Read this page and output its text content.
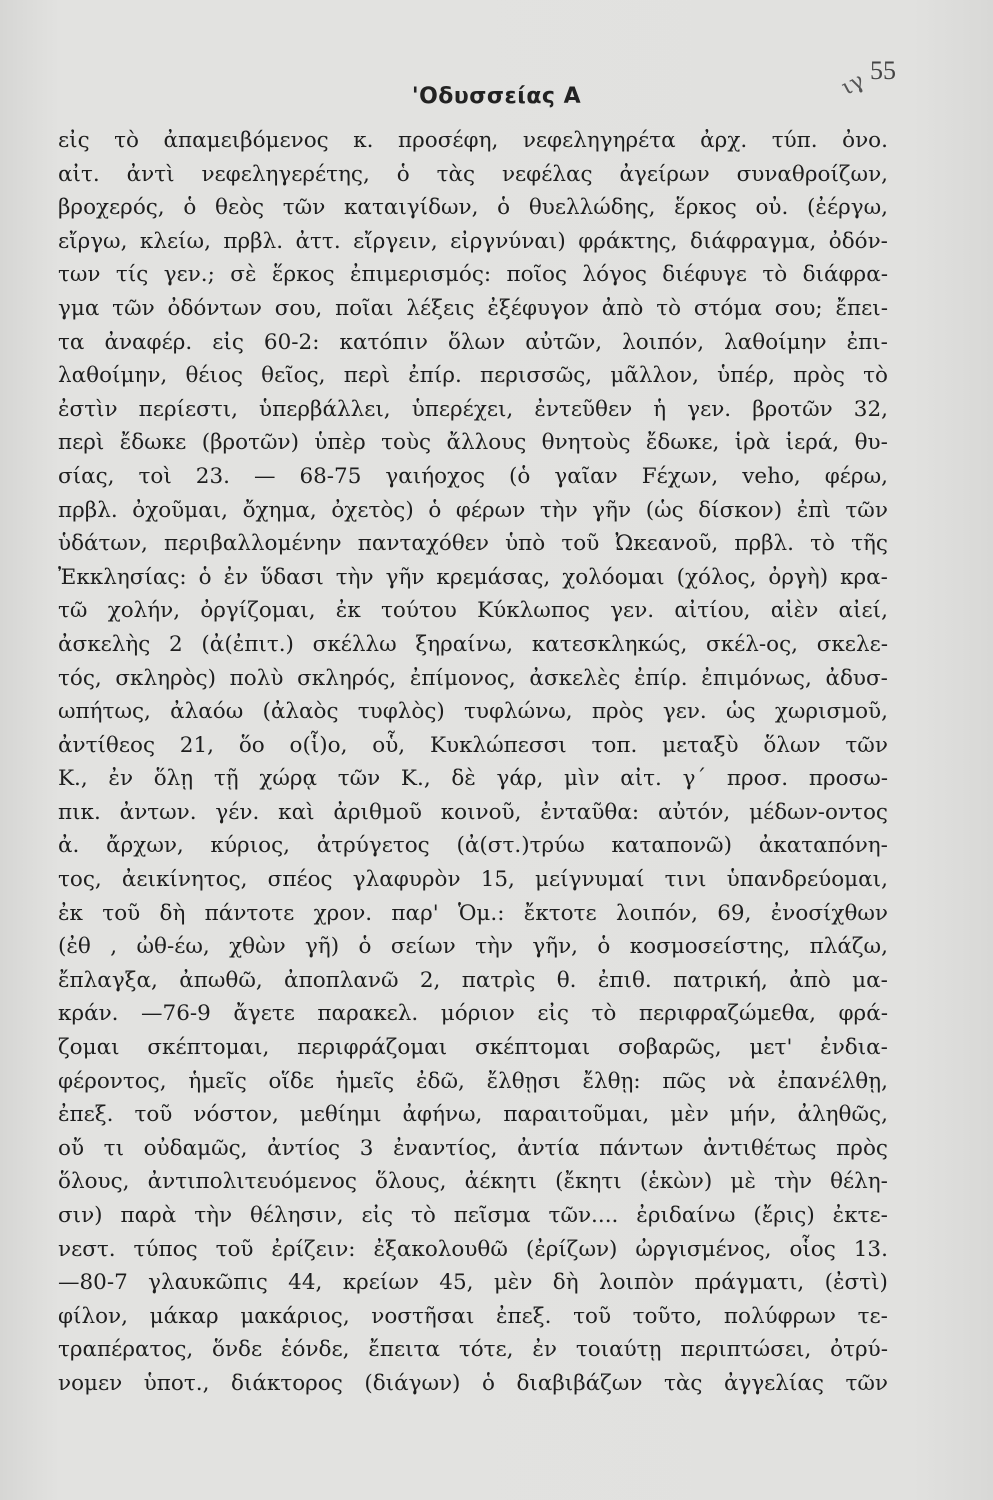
'Οδυσσείας Α	ιγ 55
εἰς τὸ ἀπαμειβόμενος κ. προσέφη, νεφεληγηρέτα ἀρχ. τύπ. ὀνο.
αἰτ. ἀντὶ νεφεληγερέτης, ὁ τὰς νεφέλας ἀγείρων συναθροίζων,
βροχερός, ὁ θεὸς τῶν καταιγίδων, ὁ θυελλώδης, ἕρκος οὐ. (ἐέργω,
εἴργω, κλείω, πρβλ. ἀττ. εἴργειν, εἰργνύναι) φράκτης, διάφραγμα, ὀδόν-
των τίς γεν.; σὲ ἕρκος ἐπιμερισμός: ποῖος λόγος διέφυγε τὸ διάφρα-
γμα τῶν ὀδόντων σου, ποῖαι λέξεις ἐξέφυγον ἀπὸ τὸ στόμα σου; ἔπει-
τα ἀναφέρ. εἰς 60-2: κατόπιν ὅλων αὐτῶν, λοιπόν, λαθοίμην ἐπι-
λαθοίμην, θέιος θεῖος, περὶ ἐπίρ. περισσῶς, μᾶλλον, ὑπέρ, πρὸς τὸ
ἐστὶν περίεστι, ὑπερβάλλει, ὑπερέχει, ἐντεῦθεν ἡ γεν. βροτῶν 32,
περὶ ἔδωκε (βροτῶν) ὑπὲρ τοὺς ἄλλους θνητοὺς ἔδωκε, ἱρὰ ἱερά, θυ-
σίας, τοὶ 23. — 68-75 γαιήοχος (ὁ γαῖαν Fέχων, veho, φέρω,
πρβλ. ὀχοῦμαι, ὄχημα, ὀχετὸς) ὁ φέρων τὴν γῆν (ὡς δίσκον) ἐπὶ τῶν
ὑδάτων, περιβαλλομένην πανταχόθεν ὑπὸ τοῦ Ὠκεανοῦ, πρβλ. τὸ τῆς
Ἐκκλησίας: ὁ ἐν ὕδασι τὴν γῆν κρεμάσας, χολόομαι (χόλος, ὀργὴ) κρα-
τῶ χολήν, ὀργίζομαι, ἐκ τούτου Κύκλωπος γεν. αἰτίου, αἰὲν αἰεί,
ἀσκελὴς 2 (ἀ(ἐπιτ.) σκέλλω ξηραίνω, κατεσκληκώς, σκέλ-ος, σκελε-
τός, σκληρὸς) πολὺ σκληρός, ἐπίμονος, ἀσκελὲς ἐπίρ. ἐπιμόνως, ἀδυσ-
ωπήτως, ἀλαόω (ἀλαὸς τυφλὸς) τυφλώνω, πρὸς γεν. ὡς χωρισμοῦ,
ἀντίθεος 21, ὅο ο(ἷ)ο, οὗ, Κυκλώπεσσι τοπ. μεταξὺ ὅλων τῶν
Κ., ἐν ὅλῃ τῇ χώρᾳ τῶν Κ., δὲ γάρ, μὶν αἰτ. γ΄ προσ. προσω-
πικ. ἀντων. γέν. καὶ ἀριθμοῦ κοινοῦ, ἐνταῦθα: αὐτόν, μέδων-οντος
ἀ. ἄρχων, κύριος, ἀτρύγετος (ἀ(στ.)τρύω καταπονῶ) ἀκαταπόνη-
τος, ἀεικίνητος, σπέος γλαφυρὸν 15, μείγνυμαί τινι ὑπανδρεύομαι,
ἐκ τοῦ δὴ πάντοτε χρον. παρ' Ὁμ.: ἔκτοτε λοιπόν, 69, ἐνοσίχθων
(ἐθ , ὠθ-έω, χθὼν γῆ) ὁ σείων τὴν γῆν, ὁ κοσμοσείστης, πλάζω,
ἔπλαγξα, ἀπωθῶ, ἀποπλανῶ 2, πατρὶς θ. ἐπιθ. πατρική, ἀπὸ μα-
κράν. —76-9 ἄγετε παρακελ. μόριον εἰς τὸ περιφραζώμεθα, φρά-
ζομαι σκέπτομαι, περιφράζομαι σκέπτομαι σοβαρῶς, μετ' ἐνδια-
φέροντος, ἡμεῖς οἵδε ἡμεῖς ἐδῶ, ἔλθῃσι ἔλθῃ: πῶς νὰ ἐπανέλθῃ,
ἐπεξ. τοῦ νόστον, μεθίημι ἀφήνω, παραιτοῦμαι, μὲν μήν, ἀληθῶς,
οὔ τι οὐδαμῶς, ἀντίος 3 ἐναντίος, ἀντία πάντων ἀντιθέτως πρὸς
ὅλους, ἀντιπολιτευόμενος ὅλους, ἀέκητι (ἔκητι (ἑκὼν) μὲ τὴν θέλη-
σιν) παρὰ τὴν θέλησιν, εἰς τὸ πεῖσμα τῶν.... ἐριδαίνω (ἔρις) ἐκτε-
νεστ. τύπος τοῦ ἐρίζειν: ἐξακολουθῶ (ἐρίζων) ὠργισμένος, οἷος 13.
—80-7 γλαυκῶπις 44, κρείων 45, μὲν δὴ λοιπὸν πράγματι, (ἐστὶ)
φίλον, μάκαρ μακάριος, νοστῆσαι ἐπεξ. τοῦ τοῦτο, πολύφρων τε-
τραπέρατος, ὅνδε ἑόνδε, ἔπειτα τότε, ἐν τοιαύτῃ περιπτώσει, ὀτρύ-
νομεν ὑποτ., διάκτορος (διάγων) ὁ διαβιβάζων τὰς ἀγγελίας τῶν
